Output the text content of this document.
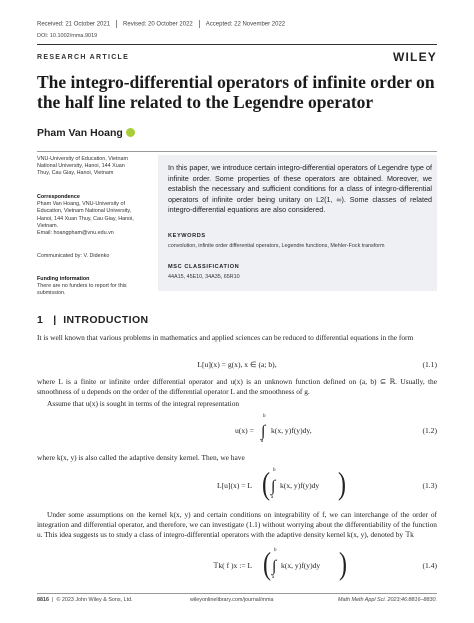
Received: 21 October 2021 Revised: 20 October 2022 Accepted: 22 November 2022
DOI: 10.1002/mma.9019
RESEARCH ARTICLE	WILEY
The integro-differential operators of infinite order on the half line related to the Legendre operator
Pham Van Hoang
VNU-University of Education, Vietnam
National University, Hanoi, 144 Xuan
Thuy, Cau Giay, Hanoi, Vietnam
Correspondence
Pham Van Hoang, VNU-University of
Education, Vietnam National University,
Hanoi, 144 Xuan Thuy, Cau Giay, Hanoi,
Vietnam.
Email: hoangpham@vnu.edu.vn
Communicated by: V. Didenko
Funding information
There are no funders to report for this
submission.
In this paper, we introduce certain integro-differential operators of Legendre type of infinite order. Some properties of these operators are obtained. Moreover, we establish the necessary and sufficient conditions for a class of integro-differential operators of infinite order being unitary on L2(1, ∞). Some classes of related integro-differential equations are also considered.
KEYWORDS
convolution, infinite order differential operators, Legendre functions, Mehler-Fock transform
MSC CLASSIFICATION
44A15, 45E10, 34A35, 65R10
1 |  INTRODUCTION
It is well known that various problems in mathematics and applied sciences can be reduced to differential equations in the form
L[u](x) = g(x), x ∈ (a; b),	(1.1)
where L is a finite or infinite order differential operator and u(x) is an unknown function defined on (a, b) ⊆ ℝ. Usually, the smoothness of u depends on the order of the differential operator L and the smoothness of g.
Assume that u(x) is sought in terms of the integral representation
u(x) =
b
∫
a
k(x, y)f(y)dy,	(1.2)
where k(x, y) is also called the adaptive density kernel. Then, we have
L[u](x) = L ( b
∫
a
k(x, y)f(y)dy )	(1.3)
Under some assumptions on the kernel k(x, y) and certain conditions on integrability of f, we can interchange of the order of integration and differential operator, and therefore, we can investigate (1.1) without worrying about the differentiability of the function u. This idea suggests us to study a class of integro-differential operators with the adaptive density kernel k(x, y), denoted by 𝕋k
𝕋k( f )x := L ( b
∫
a
k(x, y)f(y)dy )	(1.4)
8816  |  © 2023 John Wiley & Sons, Ltd.	wileyonlinelibrary.com/journal/mma	Math Meth Appl Sci. 2023;46:8816–8830.
